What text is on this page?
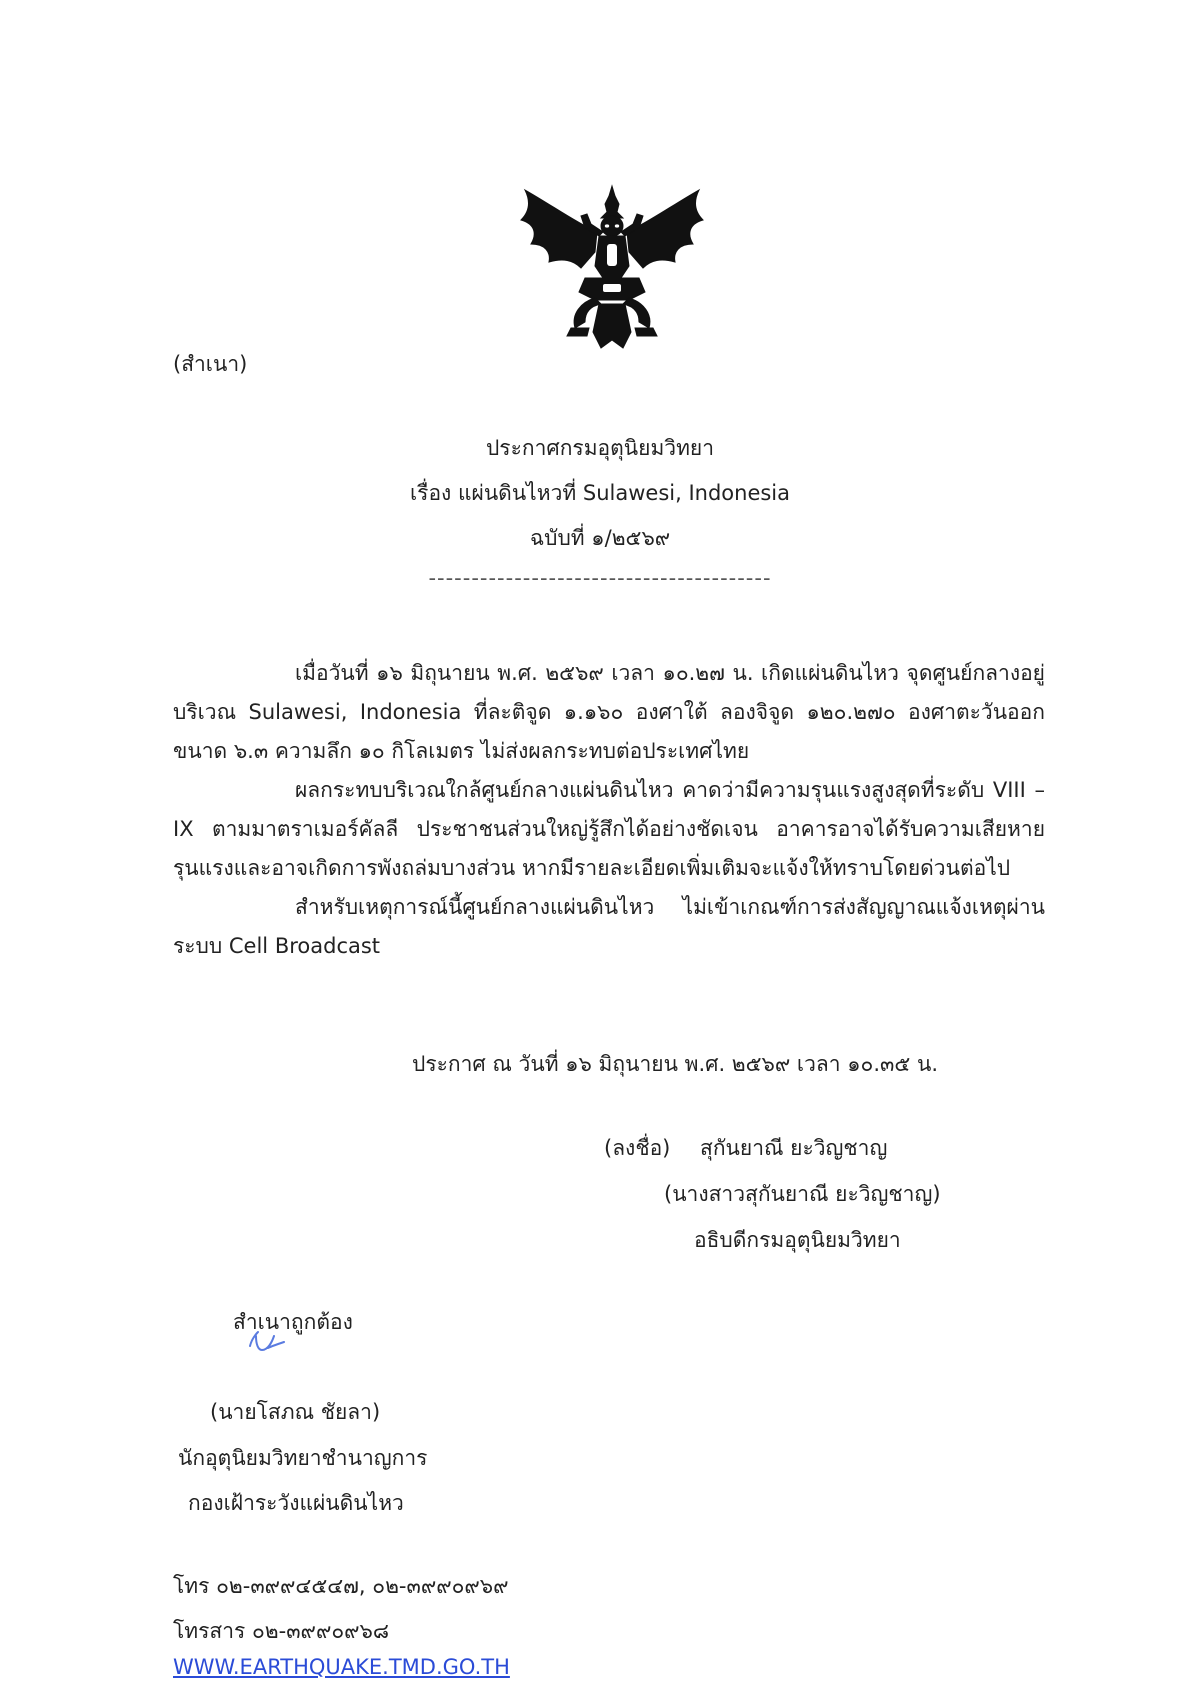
(สำเนา)
ประกาศกรมอุตุนิยมวิทยา
เรื่อง แผ่นดินไหวที่ Sulawesi, Indonesia
ฉบับที่ ๑/๒๕๖๙
----------------------------------------
เมื่อวันที่ ๑๖ มิถุนายน พ.ศ. ๒๕๖๙ เวลา ๑๐.๒๗ น. เกิดแผ่นดินไหว จุดศูนย์กลางอยู่บริเวณ Sulawesi, Indonesia ที่ละติจูด ๑.๑๖๐ องศาใต้ ลองจิจูด ๑๒๐.๒๗๐ องศาตะวันออก ขนาด ๖.๓ ความลึก ๑๐ กิโลเมตร ไม่ส่งผลกระทบต่อประเทศไทย
ผลกระทบบริเวณใกล้ศูนย์กลางแผ่นดินไหว คาดว่ามีความรุนแรงสูงสุดที่ระดับ VIII – IX ตามมาตราเมอร์คัลลี ประชาชนส่วนใหญ่รู้สึกได้อย่างชัดเจน อาคารอาจได้รับความเสียหายรุนแรงและอาจเกิดการพังถล่มบางส่วน หากมีรายละเอียดเพิ่มเติมจะแจ้งให้ทราบโดยด่วนต่อไป
สำหรับเหตุการณ์นี้ศูนย์กลางแผ่นดินไหว ไม่เข้าเกณฑ์การส่งสัญญาณแจ้งเหตุผ่านระบบ Cell Broadcast
ประกาศ ณ วันที่ ๑๖ มิถุนายน พ.ศ. ๒๕๖๙ เวลา ๑๐.๓๕ น.
(ลงชื่อ) สุกันยาณี ยะวิญชาญ
(นางสาวสุกันยาณี ยะวิญชาญ)
อธิบดีกรมอุตุนิยมวิทยา
สำเนาถูกต้อง
(นายโสภณ ชัยลา)
นักอุตุนิยมวิทยาชำนาญการ
กองเฝ้าระวังแผ่นดินไหว
โทร ๐๒-๓๙๙๔๕๔๗, ๐๒-๓๙๙๐๙๖๙
โทรสาร ๐๒-๓๙๙๐๙๖๘
WWW.EARTHQUAKE.TMD.GO.TH
